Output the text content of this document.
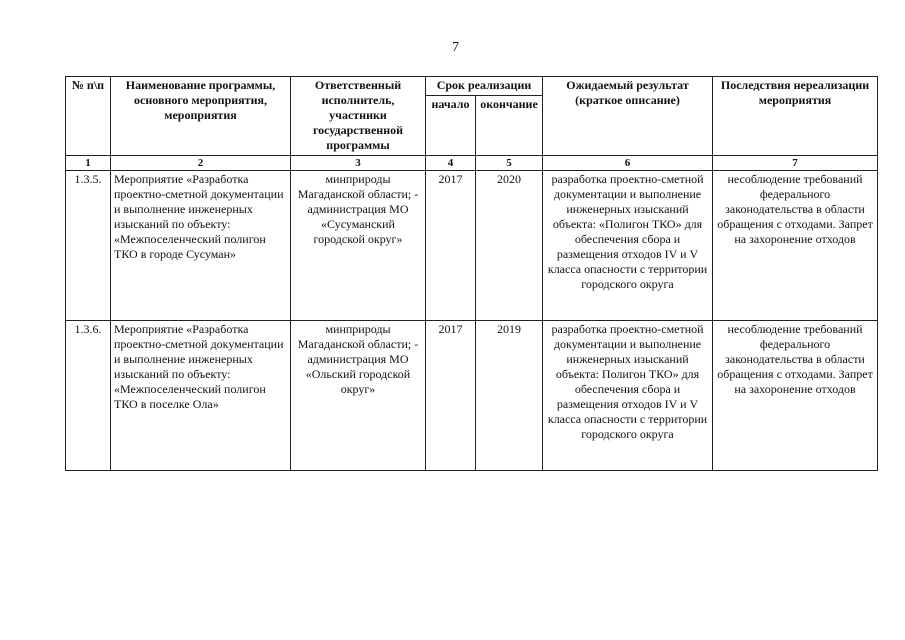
7
№ п\п	Наименование программы, основного мероприятия, мероприятия	Ответственный исполнитель, участники государственной программы	Срок реализации		Ожидаемый результат (краткое описание)	Последствия нереализации мероприятия
			начало	окончание		
1	2	3	4	5	6	7
1.3.5.	Мероприятие «Разработка проектно-сметной документации и выполнение инженерных изысканий по объекту: «Межпоселенческий полигон ТКО в городе Сусуман»	минприроды Магаданской области; - администрация МО «Сусуманский городской округ»	2017	2020	разработка проектно-сметной документации и выполнение инженерных изысканий объекта: «Полигон ТКО» для обеспечения сбора и размещения отходов IV и V класса опасности с территории городского округа	несоблюдение требований федерального законодательства в области обращения с отходами. Запрет на захоронение отходов
1.3.6.	Мероприятие «Разработка проектно-сметной документации и выполнение инженерных изысканий по объекту: «Межпоселенческий полигон ТКО в поселке Ола»	минприроды Магаданской области; - администрация МО «Ольский городской округ»	2017	2019	разработка проектно-сметной документации и выполнение инженерных изысканий объекта: Полигон ТКО» для обеспечения сбора и размещения отходов IV и V класса опасности с территории городского округа	несоблюдение требований федерального законодательства в области обращения с отходами. Запрет на захоронение отходов
